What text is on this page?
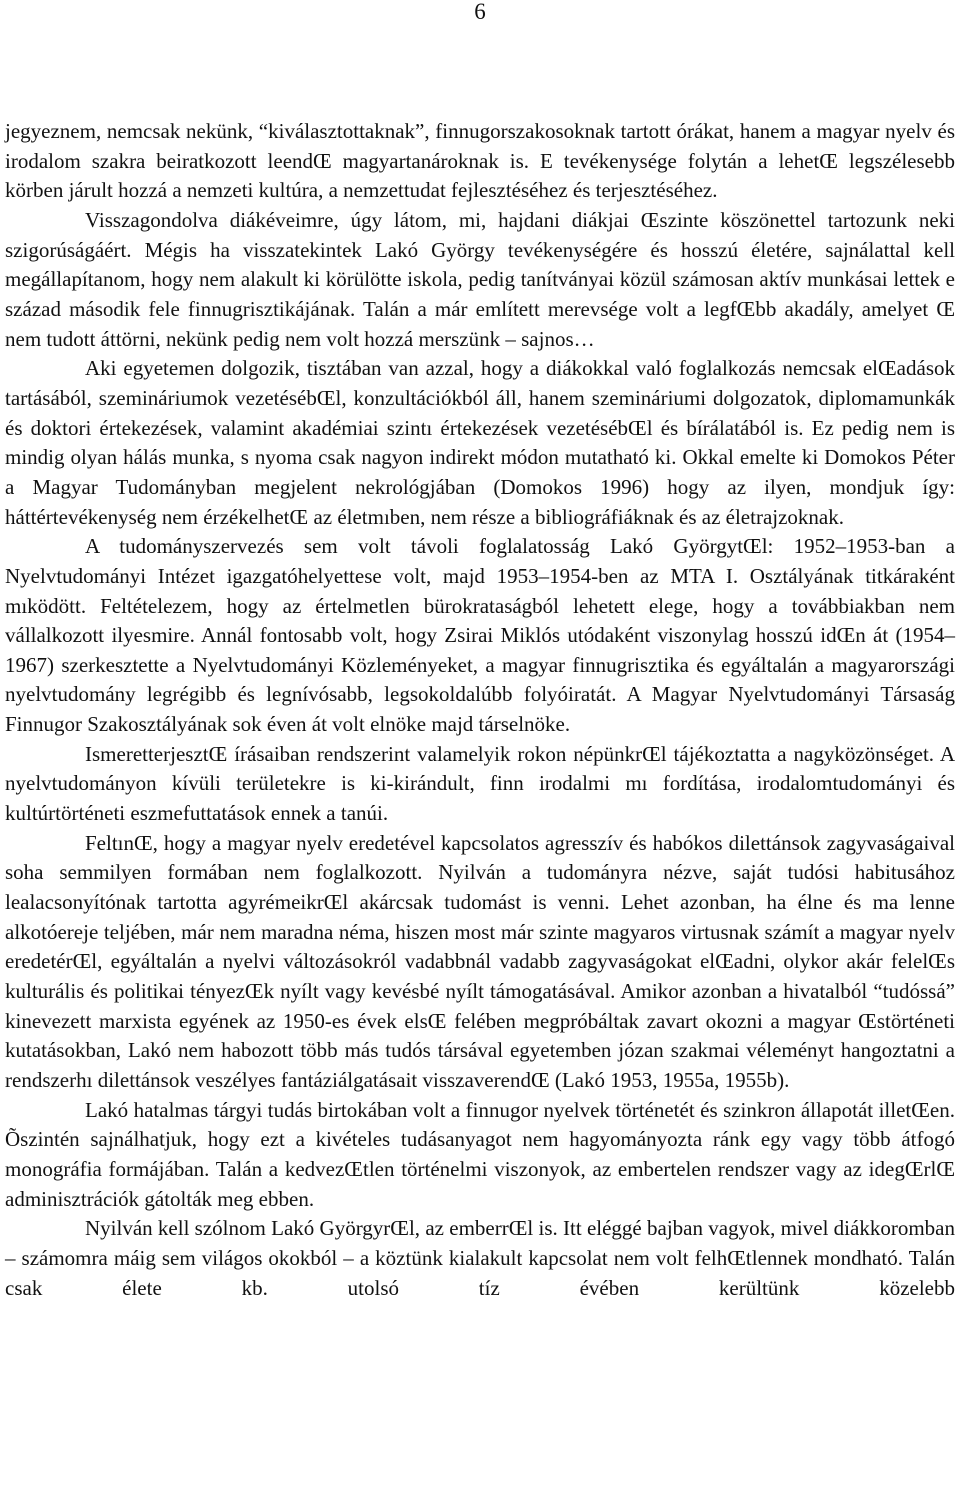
6

jegyeznem, nemcsak nekünk, “kiválasztottaknak”, finnugorszakosoknak tartott órákat, hanem a magyar nyelv és irodalom szakra beiratkozott leendŒ magyartanároknak is. E tevékenysége folytán a lehetŒ legszélesebb körben járult hozzá a nemzeti kultúra, a nemzettudat fejlesztéséhez és terjesztéséhez.

Visszagondolva diákéveimre, úgy látom, mi, hajdani diákjai Œszinte köszönettel tartozunk neki szigorúságáért. Mégis ha visszatekintek Lakó György tevékenységére és hosszú életére, sajnálattal kell megállapítanom, hogy nem alakult ki körülötte iskola, pedig tanítványai közül számosan aktív munkásai lettek e század második fele finnugrisztikájának. Talán a már említett merevsége volt a legfŒbb akadály, amelyet Œ nem tudott áttörni, nekünk pedig nem volt hozzá merszünk – sajnos…

Aki egyetemen dolgozik, tisztában van azzal, hogy a diákokkal való foglalkozás nemcsak elŒadások tartásából, szemináriumok vezetésébŒl, konzultációkból áll, hanem szemináriumi dolgozatok, diplomamunkák és doktori értekezések, valamint akadémiai szintı értekezések vezetésébŒl és bírálatából is. Ez pedig nem is mindig olyan hálás munka, s nyoma csak nagyon indirekt módon mutatható ki. Okkal emelte ki Domokos Péter a Magyar Tudományban megjelent nekrológjában (Domokos 1996) hogy az ilyen, mondjuk így: háttértevékenység nem érzékelhetŒ az életmıben, nem része a bibliográfiáknak és az életrajzoknak.

A tudományszervezés sem volt távoli foglalatosság Lakó GyörgytŒl: 1952–1953-ban a Nyelvtudományi Intézet igazgatóhelyettese volt, majd 1953–1954-ben az MTA I. Osztályának titkáraként mıködött. Feltételezem, hogy az értelmetlen bürokrataságból lehetett elege, hogy a továbbiakban nem vállalkozott ilyesmire. Annál fontosabb volt, hogy Zsirai Miklós utódaként viszonylag hosszú idŒn át (1954–1967) szerkesztette a Nyelvtudományi Közleményeket, a magyar finnugrisztika és egyáltalán a magyarországi nyelvtudomány legrégibb és legnívósabb, legsokoldalúbb folyóiratát. A Magyar Nyelvtudományi Társaság Finnugor Szakosztályának sok éven át volt elnöke majd társelnöke.

IsmeretterjesztŒ írásaiban rendszerint valamelyik rokon népünkrŒl tájékoztatta a nagyközönséget. A nyelvtudományon kívüli területekre is ki-kirándult, finn irodalmi mı fordítása, irodalomtudományi és kultúrtörténeti eszmefuttatások ennek a tanúi.

FeltınŒ, hogy a magyar nyelv eredetével kapcsolatos agresszív és habókos dilettánsok zagyvaságaival soha semmilyen formában nem foglalkozott. Nyilván a tudományra nézve, saját tudósi habitusához lealacsonyítónak tartotta agyrémeikrŒl akárcsak tudomást is venni. Lehet azonban, ha élne és ma lenne alkotóereje teljében, már nem maradna néma, hiszen most már szinte magyaros virtusnak számít a magyar nyelv eredetérŒl, egyáltalán a nyelvi változásokról vadabbnál vadabb zagyvaságokat elŒadni, olykor akár felelŒs kulturális és politikai tényezŒk nyílt vagy kevésbé nyílt támogatásával. Amikor azonban a hivatalból “tudóssá” kinevezett marxista egyének az 1950-es évek elsŒ felében megpróbáltak zavart okozni a magyar Œstörténeti kutatásokban, Lakó nem habozott több más tudós társával egyetemben józan szakmai véleményt hangoztatni a rendszerhı dilettánsok veszélyes fantáziálgatásait visszaverendŒ (Lakó 1953, 1955a, 1955b).

Lakó hatalmas tárgyi tudás birtokában volt a finnugor nyelvek történetét és szinkron állapotát illetŒen. Õszintén sajnálhatjuk, hogy ezt a kivételes tudásanyagot nem hagyományozta ránk egy vagy több átfogó monográfia formájában. Talán a kedvezŒtlen történelmi viszonyok, az embertelen rendszer vagy az idegŒrlŒ adminisztrációk gátolták meg ebben.

Nyilván kell szólnom Lakó GyörgyrŒl, az emberrŒl is. Itt eléggé bajban vagyok, mivel diákkoromban – számomra máig sem világos okokból – a köztünk kialakult kapcsolat nem volt felhŒtlennek mondható. Talán csak élete kb. utolsó tíz évében kerültünk közelebb
